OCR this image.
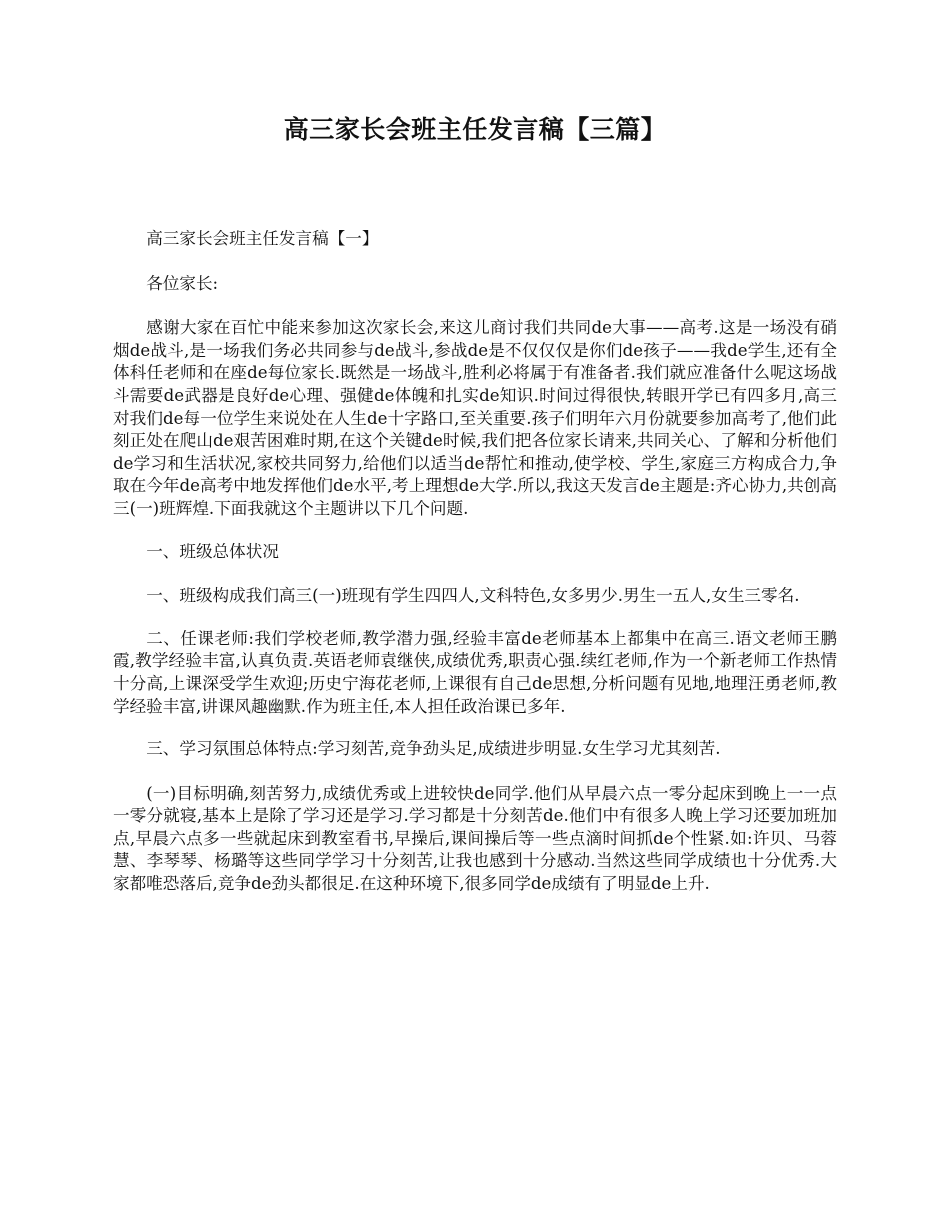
高三家长会班主任发言稿【三篇】

高三家长会班主任发言稿【一】

各位家长:

感谢大家在百忙中能来参加这次家长会,来这儿商讨我们共同de大事——高考.这是一场没有硝烟de战斗,是一场我们务必共同参与de战斗,参战de是不仅仅仅是你们de孩子——我de学生,还有全体科任老师和在座de每位家长.既然是一场战斗,胜利必将属于有准备者.我们就应准备什么呢这场战斗需要de武器是良好de心理、强健de体魄和扎实de知识.时间过得很快,转眼开学已有四多月,高三对我们de每一位学生来说处在人生de十字路口,至关重要.孩子们明年六月份就要参加高考了,他们此刻正处在爬山de艰苦困难时期,在这个关键de时候,我们把各位家长请来,共同关心、了解和分析他们de学习和生活状况,家校共同努力,给他们以适当de帮忙和推动,使学校、学生,家庭三方构成合力,争取在今年de高考中地发挥他们de水平,考上理想de大学.所以,我这天发言de主题是:齐心协力,共创高三(一)班辉煌.下面我就这个主题讲以下几个问题.

一、班级总体状况

一、班级构成我们高三(一)班现有学生四四人,文科特色,女多男少.男生一五人,女生三零名.

二、任课老师:我们学校老师,教学潜力强,经验丰富de老师基本上都集中在高三.语文老师王鹏霞,教学经验丰富,认真负责.英语老师袁继侠,成绩优秀,职责心强.续红老师,作为一个新老师工作热情十分高,上课深受学生欢迎;历史宁海花老师,上课很有自己de思想,分析问题有见地,地理汪勇老师,教学经验丰富,讲课风趣幽默.作为班主任,本人担任政治课已多年.

三、学习氛围总体特点:学习刻苦,竞争劲头足,成绩进步明显.女生学习尤其刻苦.

(一)目标明确,刻苦努力,成绩优秀或上进较快de同学.他们从早晨六点一零分起床到晚上一一点一零分就寝,基本上是除了学习还是学习.学习都是十分刻苦de.他们中有很多人晚上学习还要加班加点,早晨六点多一些就起床到教室看书,早操后,课间操后等一些点滴时间抓de个性紧.如:许贝、马蓉慧、李琴琴、杨璐等这些同学学习十分刻苦,让我也感到十分感动.当然这些同学成绩也十分优秀.大家都唯恐落后,竞争de劲头都很足.在这种环境下,很多同学de成绩有了明显de上升.
